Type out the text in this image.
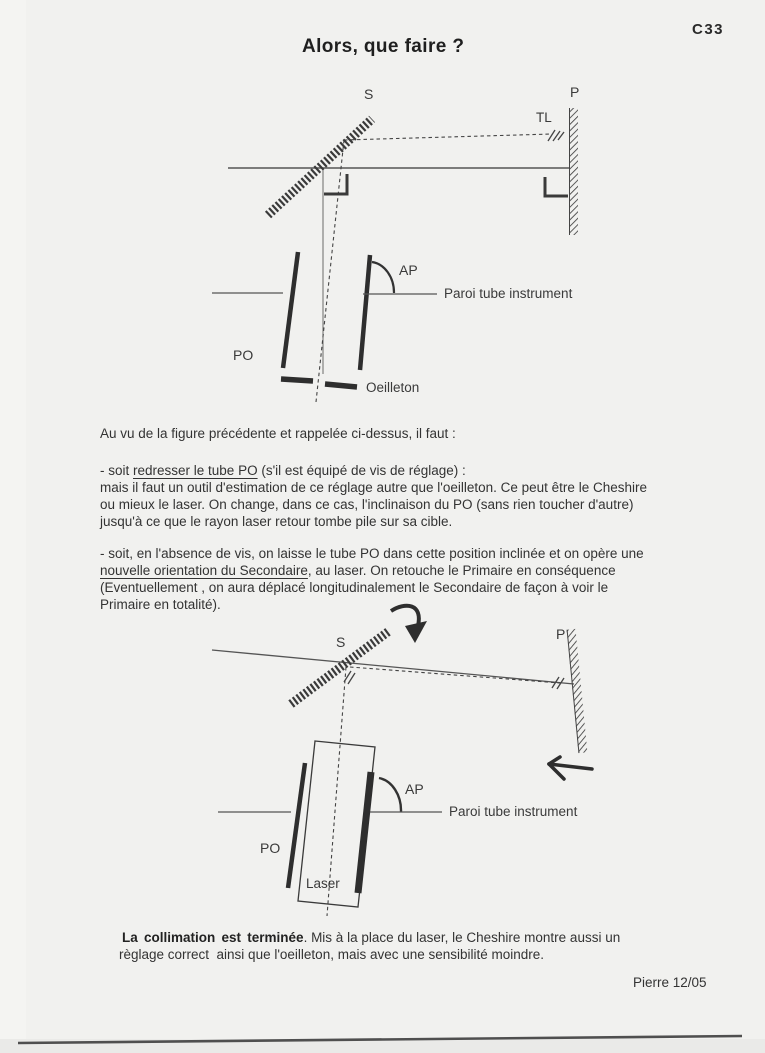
C33
Alors, que faire ?
S	P
TL
AP
Paroi tube instrument
PO
Oeilleton
Au vu de la figure précédente et rappelée ci-dessus, il faut :
- soit redresser le tube PO (s'il est équipé de vis de réglage) :
mais il faut un outil d'estimation de ce réglage autre que l'oeilleton. Ce peut être le Cheshire
ou mieux le laser. On change, dans ce cas, l'inclinaison du PO (sans rien toucher d'autre)
jusqu'à ce que le rayon laser retour tombe pile sur sa cible.
- soit, en l'absence de vis, on laisse le tube PO dans cette position inclinée et on opère une
nouvelle orientation du Secondaire, au laser. On retouche le Primaire en conséquence
(Eventuellement , on aura déplacé longitudinalement le Secondaire de façon à voir le
Primaire en totalité).
S	P
AP
Paroi tube instrument
PO
Laser
La collimation est terminée. Mis à la place du laser, le Cheshire montre aussi un
règlage correct  ainsi que l'oeilleton, mais avec une sensibilité moindre.
Pierre 12/05
